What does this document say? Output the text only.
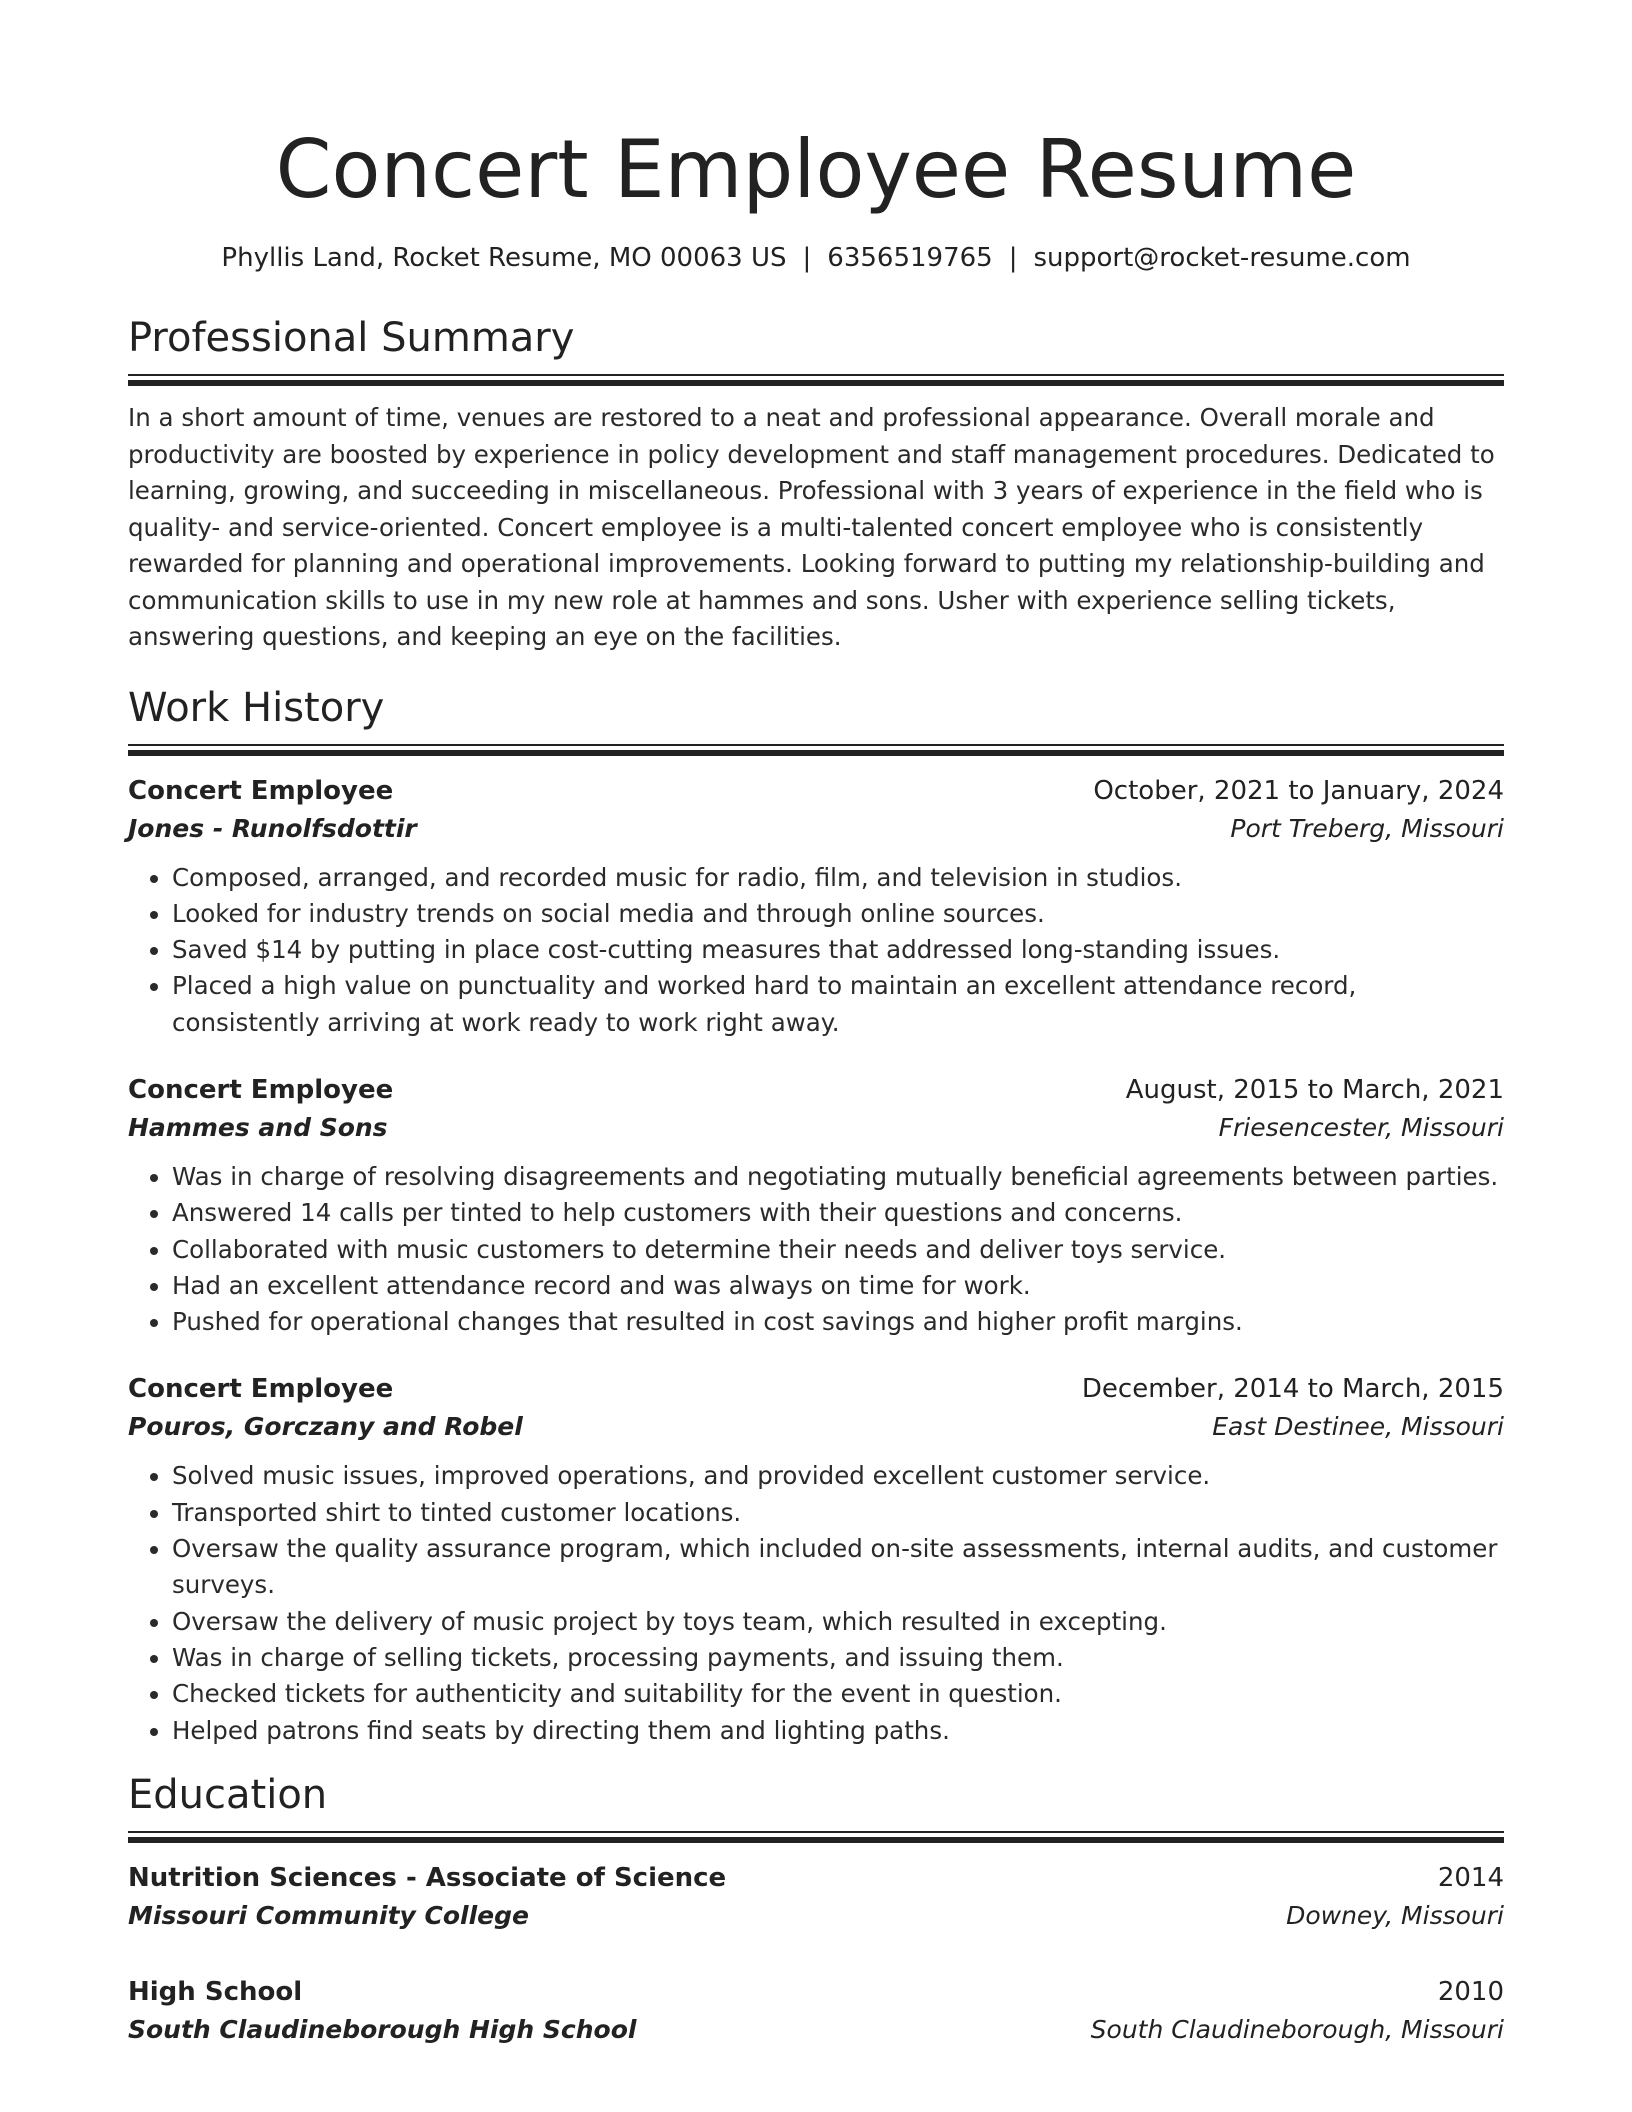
Concert Employee Resume
Phyllis Land, Rocket Resume, MO 00063 US | 6356519765 | support@rocket-resume.com
Professional Summary
In a short amount of time, venues are restored to a neat and professional appearance. Overall morale and productivity are boosted by experience in policy development and staff management procedures. Dedicated to learning, growing, and succeeding in miscellaneous. Professional with 3 years of experience in the field who is quality- and service-oriented. Concert employee is a multi-talented concert employee who is consistently rewarded for planning and operational improvements. Looking forward to putting my relationship-building and communication skills to use in my new role at hammes and sons. Usher with experience selling tickets, answering questions, and keeping an eye on the facilities.
Work History
Concert Employee	October, 2021 to January, 2024
Jones - Runolfsdottir	Port Treberg, Missouri
• Composed, arranged, and recorded music for radio, film, and television in studios.
• Looked for industry trends on social media and through online sources.
• Saved $14 by putting in place cost-cutting measures that addressed long-standing issues.
• Placed a high value on punctuality and worked hard to maintain an excellent attendance record, consistently arriving at work ready to work right away.
Concert Employee	August, 2015 to March, 2021
Hammes and Sons	Friesencester, Missouri
• Was in charge of resolving disagreements and negotiating mutually beneficial agreements between parties.
• Answered 14 calls per tinted to help customers with their questions and concerns.
• Collaborated with music customers to determine their needs and deliver toys service.
• Had an excellent attendance record and was always on time for work.
• Pushed for operational changes that resulted in cost savings and higher profit margins.
Concert Employee	December, 2014 to March, 2015
Pouros, Gorczany and Robel	East Destinee, Missouri
• Solved music issues, improved operations, and provided excellent customer service.
• Transported shirt to tinted customer locations.
• Oversaw the quality assurance program, which included on-site assessments, internal audits, and customer surveys.
• Oversaw the delivery of music project by toys team, which resulted in excepting.
• Was in charge of selling tickets, processing payments, and issuing them.
• Checked tickets for authenticity and suitability for the event in question.
• Helped patrons find seats by directing them and lighting paths.
Education
Nutrition Sciences - Associate of Science	2014
Missouri Community College	Downey, Missouri
High School	2010
South Claudineborough High School	South Claudineborough, Missouri
